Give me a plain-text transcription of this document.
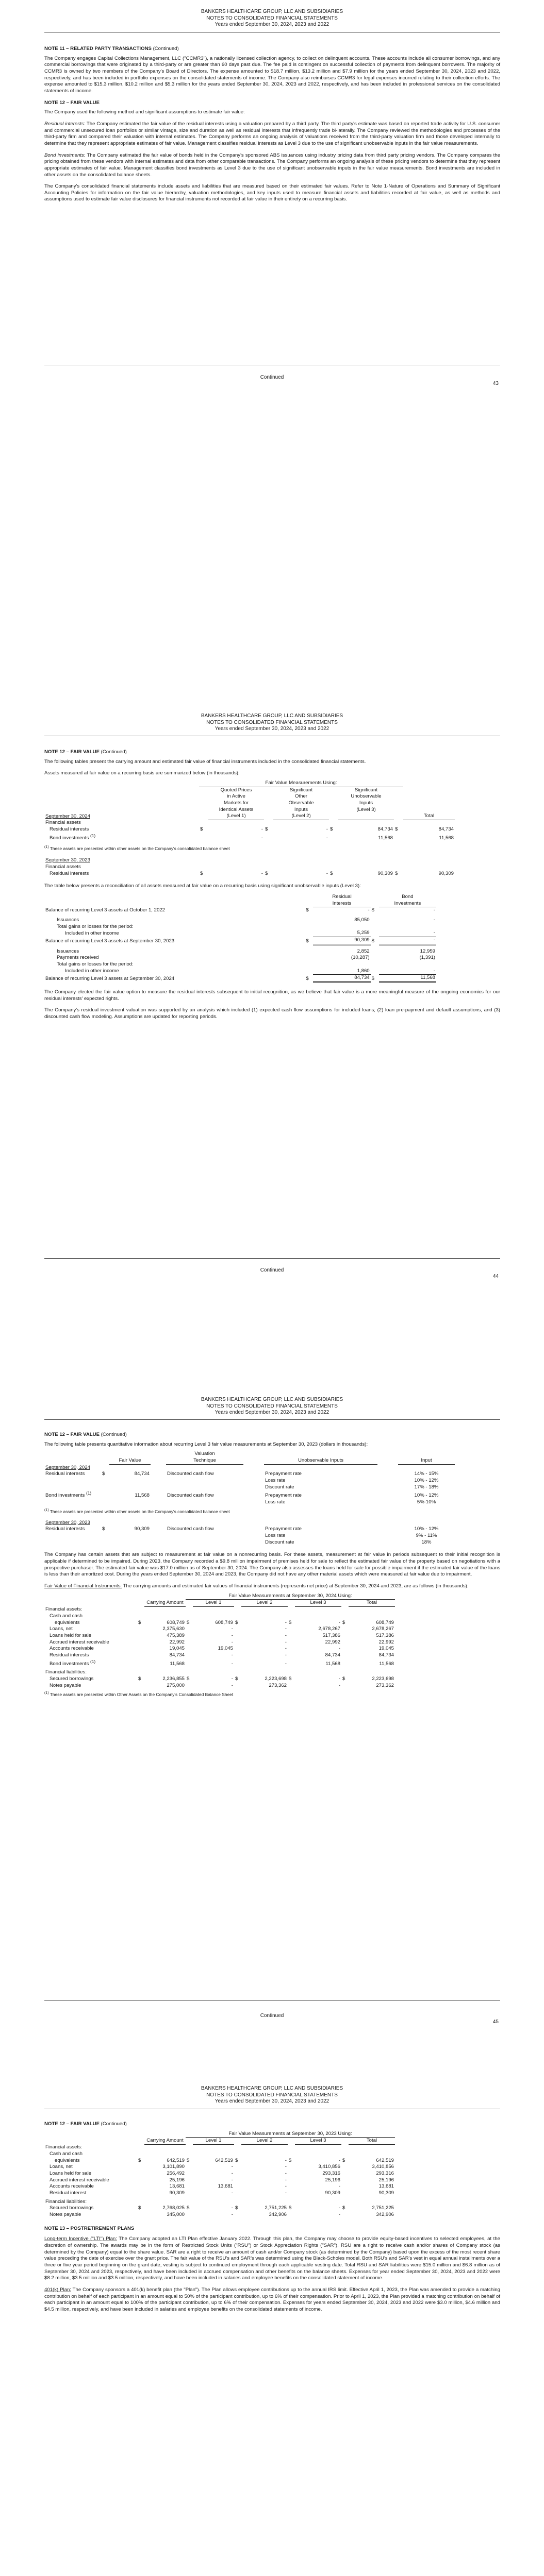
BANKERS HEALTHCARE GROUP, LLC AND SUBSIDIARIES
NOTES TO CONSOLIDATED FINANCIAL STATEMENTS
Years ended September 30, 2024, 2023 and 2022

NOTE 11 – RELATED PARTY TRANSACTIONS (Continued)

The Company engages Capital Collections Management, LLC ("CCMR3"), a nationally licensed collection agency, to collect on delinquent accounts. These accounts include all consumer borrowings, and any commercial borrowings that were originated by a third-party or are greater than 60 days past due. The fee paid is contingent on successful collection of payments from delinquent borrowers. The majority of CCMR3 is owned by two members of the Company's Board of Directors. The expense amounted to $18.7 million, $13.2 million and $7.9 million for the years ended September 30, 2024, 2023 and 2022, respectively, and has been included in portfolio expenses on the consolidated statements of income. The Company also reimburses CCMR3 for legal expenses incurred relating to their collection efforts. The expense amounted to $15.3 million, $10.2 million and $5.3 million for the years ended September 30, 2024, 2023 and 2022, respectively, and has been included in professional services on the consolidated statements of income.

NOTE 12 – FAIR VALUE

The Company used the following method and significant assumptions to estimate fair value:

Residual interests: The Company estimated the fair value of the residual interests using a valuation prepared by a third party. The third party's estimate was based on reported trade activity for U.S. consumer and commercial unsecured loan portfolios or similar vintage, size and duration as well as residual interests that infrequently trade bi-laterally. The Company reviewed the methodologies and processes of the third-party firm and compared their valuation with internal estimates. The Company performs an ongoing analysis of valuations received from the third-party valuation firm and those developed internally to determine that they represent appropriate estimates of fair value. Management classifies residual interests as Level 3 due to the use of significant unobservable inputs in the fair value measurements.

Bond investments: The Company estimated the fair value of bonds held in the Company's sponsored ABS issuances using industry pricing data from third party pricing vendors. The Company compares the pricing obtained from these vendors with internal estimates and data from other comparable transactions. The Company performs an ongoing analysis of these pricing vendors to determine that they represent appropriate estimates of fair value. Management classifies bond investments as Level 3 due to the use of significant unobservable inputs in the fair value measurements. Bond investments are included in other assets on the consolidated balance sheets.

The Company's consolidated financial statements include assets and liabilities that are measured based on their estimated fair values. Refer to Note 1-Nature of Operations and Summary of Significant Accounting Policies for information on the fair value hierarchy, valuation methodologies, and key inputs used to measure financial assets and liabilities recorded at fair value, as well as methods and assumptions used to estimate fair value disclosures for financial instruments not recorded at fair value in their entirety on a recurring basis.

Continued
43
BANKERS HEALTHCARE GROUP, LLC AND SUBSIDIARIES
NOTES TO CONSOLIDATED FINANCIAL STATEMENTS
Years ended September 30, 2024, 2023 and 2022

NOTE 12 – FAIR VALUE (Continued)

The following tables present the carrying amount and estimated fair value of financial instruments included in the consolidated financial statements.

Assets measured at fair value on a recurring basis are summarized below (in thousands):

	Fair Value Measurements Using:								
		Quoted Prices		Significant		Significant			
		in Active		Other		Unobservable			
		Markets for		Observable		Inputs			
		Identical Assets		Inputs		(Level 3)			
September 30, 2024		(Level 1)		(Level 2)				Total	
Financial assets									
Residual interests	$	-	$	-	$	84,734	$	84,734	
Bond investments $^{(1)}$		-		-		11,568		11,568	

$^{(1)}$ These assets are presented within other assets on the Company's consolidated balance sheet

September 30, 2023									
Financial assets									
Residual interests	$	-	$	-	$	90,309	$	90,309	

The table below presents a reconciliation of all assets measured at fair value on a recurring basis using significant unobservable inputs (Level 3):

		Residual		Bond
		Interests		Investments
Balance of recurring Level 3 assets at October 1, 2022	$	-	$	-

Issuances		85,050		-
Total gains or losses for the period:				
Included in other income		5,259		-
Balance of recurring Level 3 assets at September 30, 2023	$	90,309	$	-

Issuances		2,852		12,959
Payments received		(10,287)		(1,391)
Total gains or losses for the period:				
Included in other income		1,860		-
Balance of recurring Level 3 assets at September 30, 2024	$	84,734	$	11,568

The Company elected the fair value option to measure the residual interests subsequent to initial recognition, as we believe that fair value is a more meaningful measure of the ongoing economics for our residual interests' expected rights.

The Company's residual investment valuation was supported by an analysis which included (1) expected cash flow assumptions for included loans; (2) loan pre-payment and default assumptions, and (3) discounted cash flow modeling. Assumptions are updated for reporting periods.

Continued
44
BANKERS HEALTHCARE GROUP, LLC AND SUBSIDIARIES
NOTES TO CONSOLIDATED FINANCIAL STATEMENTS
Years ended September 30, 2024, 2023 and 2022

NOTE 12 – FAIR VALUE (Continued)

The following table presents quantitative information about recurring Level 3 fair value measurements at September 30, 2023 (dollars in thousands):

				Valuation					
		Fair Value		Technique		Unobservable Inputs		Input	
September 30, 2024									
Residual interests	$	84,734		Discounted cash flow		Prepayment rate		14% - 15%	
						Loss rate		10% - 12%	
						Discount rate		17% - 18%	
Bond investments $^{(1)}$		11,568		Discounted cash flow		Prepayment rate		10% - 12%	
						Loss rate		5%-10%	

$^{(1)}$ These assets are presented within other assets on the Company's consolidated balance sheet

September 30, 2023									
Residual interests	$	90,309		Discounted cash flow		Prepayment rate		10% - 12%	
						Loss rate		9% - 11%	
						Discount rate		18%	

The Company has certain assets that are subject to measurement at fair value on a nonrecurring basis. For these assets, measurement at fair value in periods subsequent to their initial recognition is applicable if determined to be impaired. During 2023, the Company recorded a $9.8 million impairment of premises held for sale to reflect the estimated fair value of the property based on negotiations with a prospective purchaser. The estimated fair value was $17.0 million as of September 30, 2024. The Company also assesses the loans held for sale for possible impairment if the estimated fair value of the loans is less than their amortized cost. During the years ended September 30, 2024 and 2023, the Company did not have any other material assets which were measured at fair value due to impairment.

Fair Value of Financial Instruments: The carrying amounts and estimated fair values of financial instruments (represents net price) at September 30, 2024 and 2023, are as follows (in thousands):

			Fair Value Measurements at September 30, 2024 Using:								
		Carrying Amount		Level 1		Level 2		Level 3		Total	
Financial assets:											
Cash and cash											
equivalents	$	608,749	$	608,749	$	-	$	-	$	608,749	
Loans, net		2,375,630		-		-		2,678,267		2,678,267	
Loans held for sale		475,389		-		-		517,386		517,386	
Accrued interest receivable		22,992		-		-		22,992		22,992	
Accounts receivable		19,045		19,045		-		-		19,045	
Residual interests		84,734		-		-		84,734		84,734	
Bond investments $^{(1)}$		11,568		-		-		11,568		11,568	

Financial liabilities:											
Secured borrowings	$	2,236,855	$	-	$	2,223,698	$	-	$	2,223,698	
Notes payable		275,000		-		273,362		-		273,362	

$^{(1)}$ These assets are presented within Other Assets on the Company's Consolidated Balance Sheet

Continued
45
BANKERS HEALTHCARE GROUP, LLC AND SUBSIDIARIES
NOTES TO CONSOLIDATED FINANCIAL STATEMENTS
Years ended September 30, 2024, 2023 and 2022

NOTE 12 – FAIR VALUE (Continued)

			Fair Value Measurements at September 30, 2023 Using:								
		Carrying Amount		Level 1		Level 2		Level 3		Total	
Financial assets:											
Cash and cash											
equivalents	$	642,519	$	642,519	$	-	$	-	$	642,519	
Loans, net		3,101,890		-		-		3,410,856		3,410,856	
Loans held for sale		256,492		-		-		293,316		293,316	
Accrued interest receivable		25,196		-		-		25,196		25,196	
Accounts receivable		13,681		13,681		-		-		13,681	
Residual interest		90,309		-		-		90,309		90,309	

Financial liabilities:											
Secured borrowings	$	2,768,025	$	-	$	2,751,225	$	-	$	2,751,225	
Notes payable		345,000		-		342,906		-		342,906	

NOTE 13 – POSTRETIREMENT PLANS

Long-term Incentive ("LTI") Plan: The Company adopted an LTI Plan effective January 2022. Through this plan, the Company may choose to provide equity-based incentives to selected employees, at the discretion of ownership. The awards may be in the form of Restricted Stock Units ("RSU") or Stock Appreciation Rights ("SAR"). RSU are a right to receive cash and/or shares of Company stock (as determined by the Company) equal to the share value. SAR are a right to receive an amount of cash and/or Company stock (as determined by the Company) based upon the excess of the most recent share value preceding the date of exercise over the grant price. The fair value of the RSU's and SAR's was determined using the Black-Scholes model. Both RSU's and SAR's vest in equal annual installments over a three or five year period beginning on the grant date, vesting is subject to continued employment through each applicable vesting date. Total RSU and SAR liabilities were $15.0 million and $6.8 million as of September 30, 2024 and 2023, respectively, and have been included in accrued compensation and other benefits on the balance sheets. Expenses for year ended September 30, 2024, 2023 and 2022 were $8.2 million, $3.5 million and $3.5 million, respectively, and have been included in salaries and employee benefits on the consolidated statement of income.

401(k) Plan: The Company sponsors a 401(k) benefit plan (the "Plan"). The Plan allows employee contributions up to the annual IRS limit. Effective April 1, 2023, the Plan was amended to provide a matching contribution on behalf of each participant in an amount equal to 50% of the participant contribution, up to 6% of their compensation. Prior to April 1, 2023, the Plan provided a matching contribution on behalf of each participant in an amount equal to 100% of the participant contribution, up to 6% of their compensation. Expenses for years ended September 30, 2024, 2023 and 2022 were $3.0 million, $4.6 million and $4.5 million, respectively, and have been included in salaries and employee benefits on the consolidated statements of income.
